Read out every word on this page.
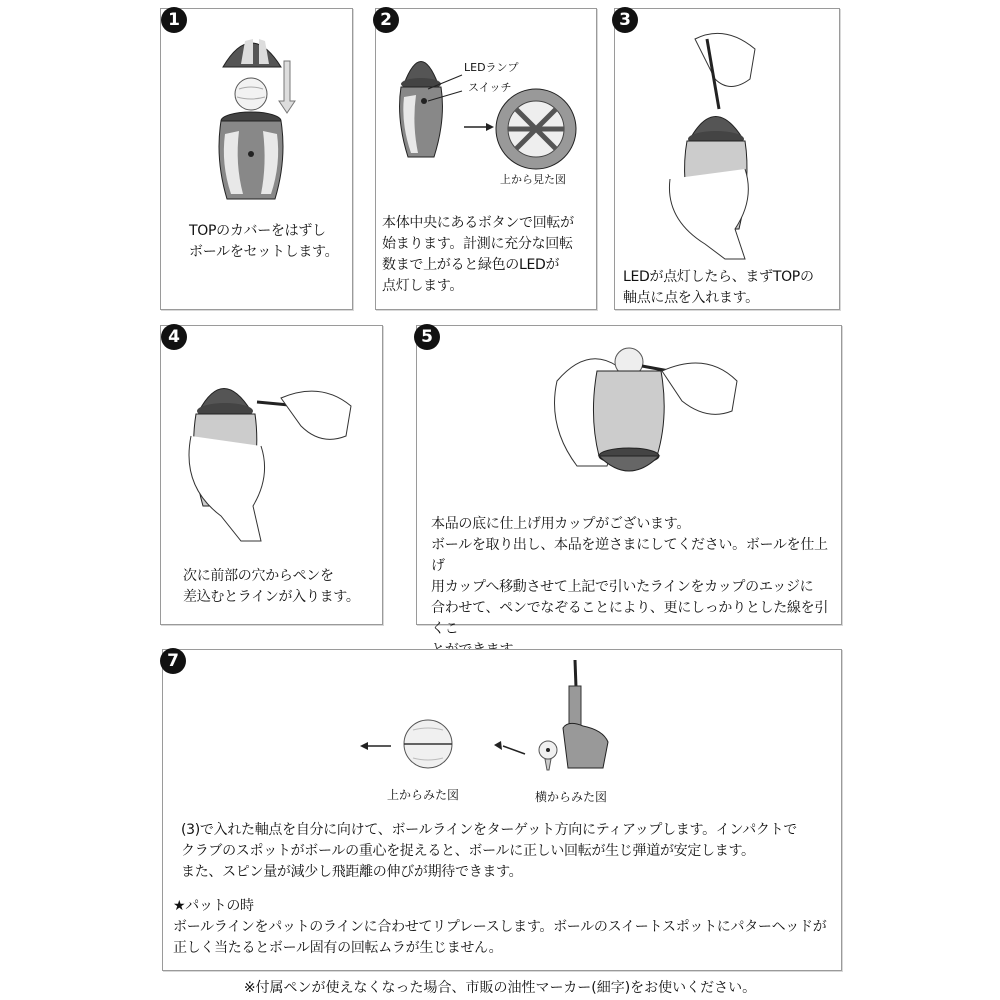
1
TOPのカバーをはずし
ボールをセットします。
2
LEDランプ
スイッチ
上から見た図
本体中央にあるボタンで回転が
始まります。計測に充分な回転
数まで上がると緑色のLEDが
点灯します。
3
LEDが点灯したら、まずTOPの
軸点に点を入れます。
4
次に前部の穴からペンを
差込むとラインが入ります。
5
本品の底に仕上げ用カップがございます。
ボールを取り出し、本品を逆さまにしてください。ボールを仕上げ
用カップへ移動させて上記で引いたラインをカップのエッジに
合わせて、ペンでなぞることにより、更にしっかりとした線を引くこ

7
上からみた図	横からみた図
(3)で入れた軸点を自分に向けて、ボールラインをターゲット方向にティアップします。インパクトで
クラブのスポットがボールの重心を捉えると、ボールに正しい回転が生じ弾道が安定します。
また、スピン量が減少し飛距離の伸びが期待できます。
★パットの時
ボールラインをパットのラインに合わせてリプレースします。ボールのスイートスポットにパターヘッドが
正しく当たるとボール固有の回転ムラが生じません。
※付属ペンが使えなくなった場合、市販の油性マーカー(細字)をお使いください。
